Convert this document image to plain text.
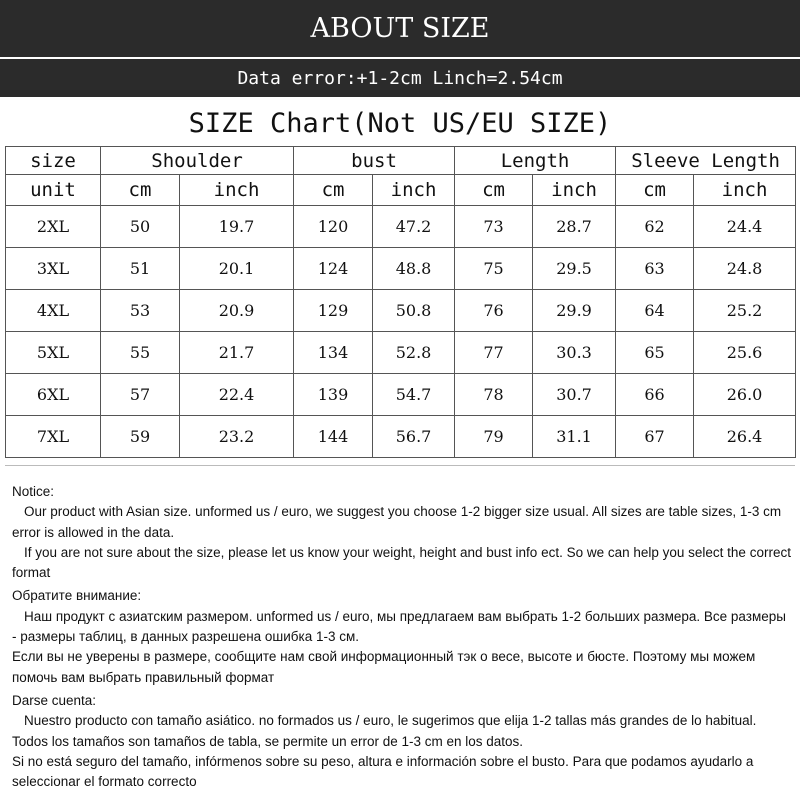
ABOUT SIZE
Data error:+1-2cm Linch=2.54cm
SIZE Chart(Not US/EU SIZE)
size	Shoulder		bust		Length		Sleeve Length	
unit	cm	inch	cm	inch	cm	inch	cm	inch
2XL	50	19.7	120	47.2	73	28.7	62	24.4
3XL	51	20.1	124	48.8	75	29.5	63	24.8
4XL	53	20.9	129	50.8	76	29.9	64	25.2
5XL	55	21.7	134	52.8	77	30.3	65	25.6
6XL	57	22.4	139	54.7	78	30.7	66	26.0
7XL	59	23.2	144	56.7	79	31.1	67	26.4

Notice:

Our product with Asian size. unformed us / euro, we suggest you choose 1-2 bigger size usual. All sizes are table sizes, 1-3 cm error is allowed in the data.

If you are not sure about the size, please let us know your weight, height and bust info ect. So we can help you select the correct format

Обратите внимание:

Наш продукт с азиатским размером. unformed us / euro, мы предлагаем вам выбрать 1-2 больших размера. Все размеры - размеры таблиц, в данных разрешена ошибка 1-3 см.

Если вы не уверены в размере, сообщите нам свой информационный тэк о весе, высоте и бюсте. Поэтому мы можем помочь вам выбрать правильный формат

Darse cuenta:

Nuestro producto con tamaño asiático. no formados us / euro, le sugerimos que elija 1-2 tallas más grandes de lo habitual. Todos los tamaños son tamaños de tabla, se permite un error de 1-3 cm en los datos.

Si no está seguro del tamaño, infórmenos sobre su peso, altura e información sobre el busto. Para que podamos ayudarlo a seleccionar el formato correcto
